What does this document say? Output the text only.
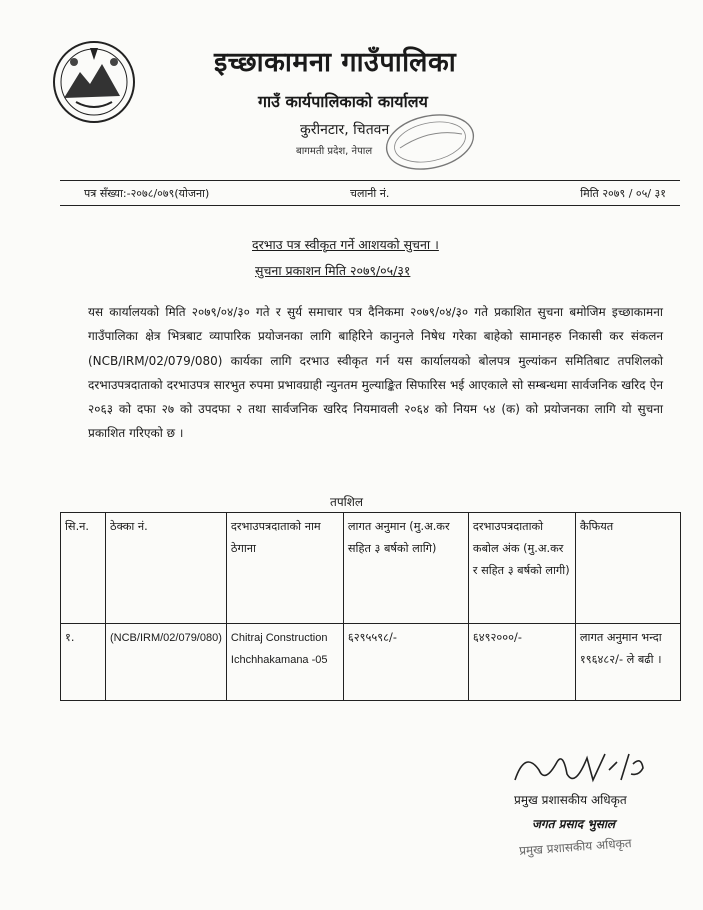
इच्छाकामना गाउँपालिका
गाउँ कार्यपालिकाको कार्यालय
कुरीनटार, चितवन
बागमती प्रदेश, नेपाल
पत्र सँख्या:-२०७८/०७९(योजना)	चलानी नं.	मिति २०७९ / ०५/ ३१
दरभाउ पत्र स्वीकृत गर्ने आशयको सुचना ।
सुचना प्रकाशन मिति २०७९/०५/३१

यस कार्यालयको मिति २०७९/०४/३० गते र सुर्य समाचार पत्र दैनिकमा २०७९/०४/३० गते प्रकाशित सुचना बमोजिम इच्छाकामना गाउँपालिका क्षेत्र भित्रबाट व्यापारिक प्रयोजनका लागि बाहिरिने कानुनले निषेध गरेका बाहेको सामानहरु निकासी कर संकलन (NCB/IRM/02/079/080) कार्यका लागि दरभाउ स्वीकृत गर्न यस कार्यालयको बोलपत्र मुल्यांकन समितिबाट तपशिलको दरभाउपत्रदाताको दरभाउपत्र सारभुत रुपमा प्रभावग्राही न्युनतम मुल्याङ्कित सिफारिस भई आएकाले सो सम्बन्धमा सार्वजनिक खरिद ऐन २०६३ को दफा २७ को उपदफा २ तथा सार्वजनिक खरिद नियमावली २०६४ को नियम ५४ (क) को प्रयोजनका लागि यो सुचना प्रकाशित गरिएको छ ।

तपशिल
सि.न.	ठेक्का नं.	दरभाउपत्रदाताको नाम ठेगाना	लागत अनुमान (मु.अ.कर सहित ३ बर्षको लागि)	दरभाउपत्रदाताको कबोल अंक (मु.अ.कर र सहित ३ बर्षको लागी)	कैफियत
१.	(NCB/IRM/02/079/080)	Chitraj Construction Ichchhakamana -05	६२९५५९८/-	६४९२०००/-	लागत अनुमान भन्दा १९६४८२/- ले बढी ।
प्रमुख प्रशासकीय अधिकृत
जगत प्रसाद भुसाल
प्रमुख प्रशासकीय अधिकृत
